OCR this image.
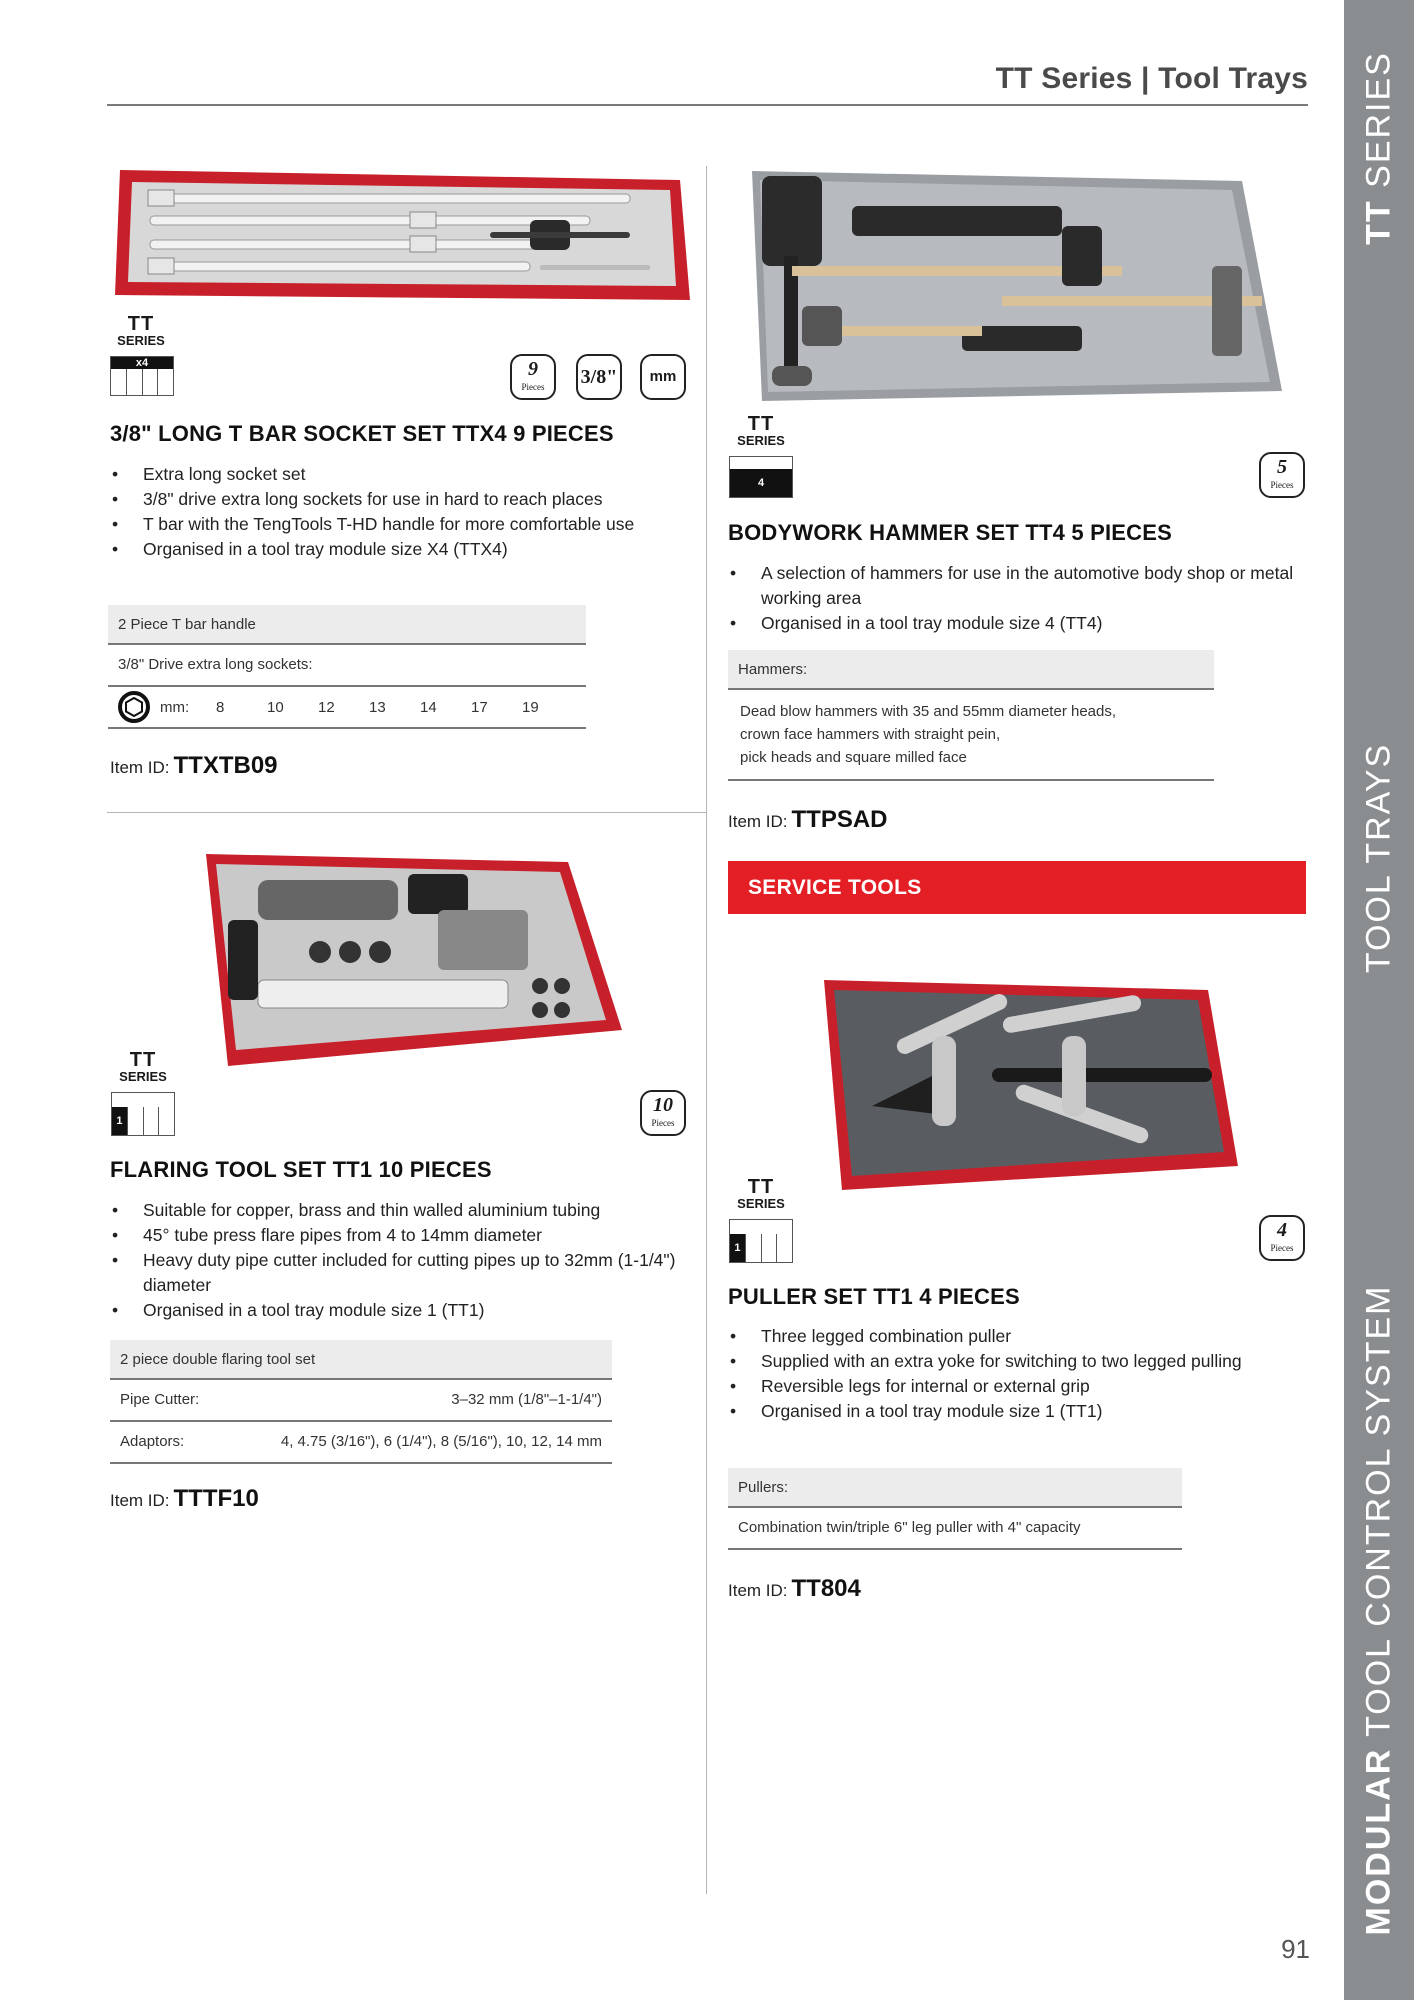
TT Series | Tool Trays
TT SERIES
TOOL TRAYS
MODULAR TOOL CONTROL SYSTEM
TT
SERIES
x4	9
Pieces	3/8"	mm
3/8" LONG T BAR SOCKET SET TTX4 9 PIECES
• Extra long socket set
• 3/8" drive extra long sockets for use in hard to reach places
• T bar with the TengTools T-HD handle for more comfortable use
• Organised in a tool tray module size X4 (TTX4)
2 Piece T bar handle
3/8" Drive extra long sockets:
mm:	8	10	12	13	14	17	19
Item ID: TTXTB09
TT
SERIES
4
5
Pieces
BODYWORK HAMMER SET TT4 5 PIECES
• A selection of hammers for use in the automotive body shop or metal working area
• Organised in a tool tray module size 4 (TT4)
Hammers:
Dead blow hammers with 35 and 55mm diameter heads,
crown face hammers with straight pein,
pick heads and square milled face
Item ID: TTPSAD
SERVICE TOOLS
TT
SERIES
1
10
Pieces
FLARING TOOL SET TT1 10 PIECES
• Suitable for copper, brass and thin walled aluminium tubing
• 45° tube press flare pipes from 4 to 14mm diameter
• Heavy duty pipe cutter included for cutting pipes up to 32mm (1-1/4") diameter
• Organised in a tool tray module size 1 (TT1)
2 piece double flaring tool set
Pipe Cutter:	3–32 mm (1/8"–1-1/4")
Adaptors:	4, 4.75 (3/16"), 6 (1/4"), 8 (5/16"), 10, 12, 14 mm
Item ID: TTTF10
TT
SERIES
1
4
Pieces
PULLER SET TT1 4 PIECES
• Three legged combination puller
• Supplied with an extra yoke for switching to two legged pulling
• Reversible legs for internal or external grip
• Organised in a tool tray module size 1 (TT1)
Pullers:
Combination twin/triple 6" leg puller with 4" capacity
Item ID: TT804
91
